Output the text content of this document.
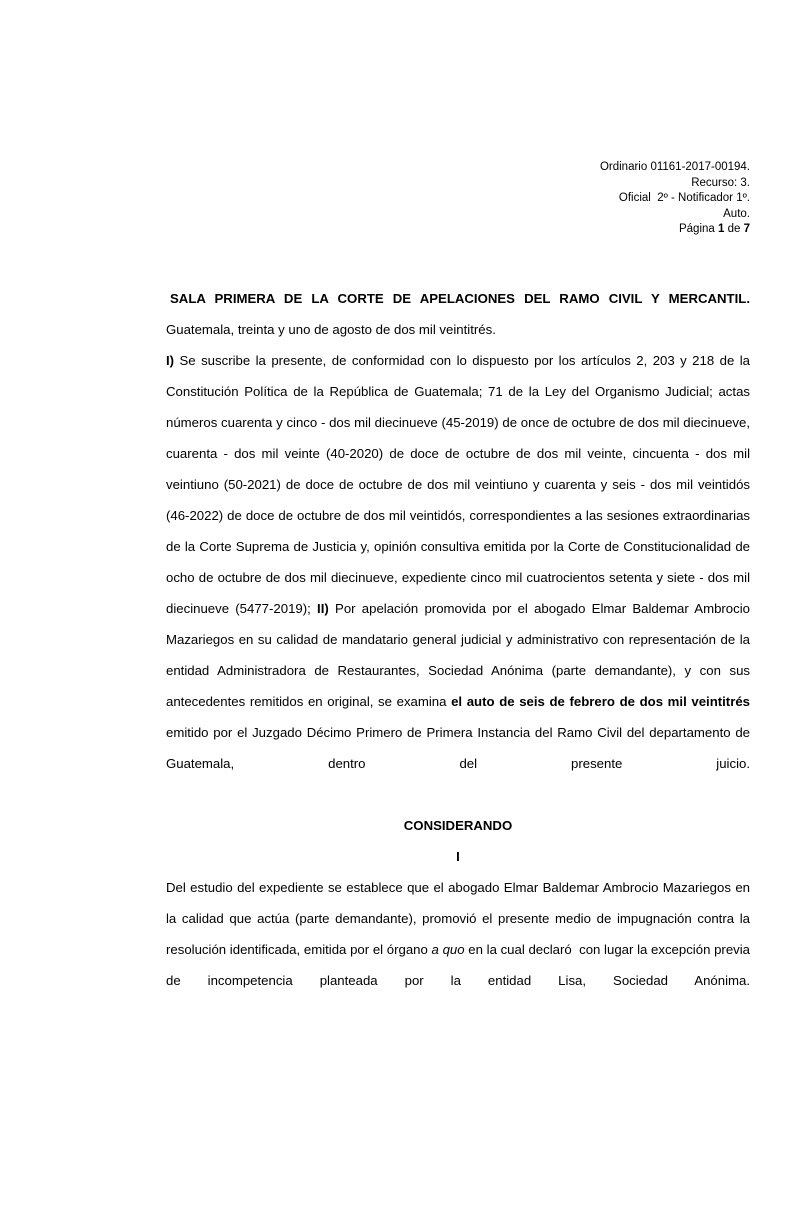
Ordinario 01161-2017-00194.
Recurso: 3.
Oficial  2º - Notificador 1º.
Auto.
Página 1 de 7

SALA PRIMERA DE LA CORTE DE APELACIONES DEL RAMO CIVIL Y MERCANTIL. Guatemala, treinta y uno de agosto de dos mil veintitrés.
I) Se suscribe la presente, de conformidad con lo dispuesto por los artículos 2, 203 y 218 de la Constitución Política de la República de Guatemala; 71 de la Ley del Organismo Judicial; actas números cuarenta y cinco - dos mil diecinueve (45-2019) de once de octubre de dos mil diecinueve, cuarenta - dos mil veinte (40-2020) de doce de octubre de dos mil veinte, cincuenta - dos mil veintiuno (50-2021) de doce de octubre de dos mil veintiuno y cuarenta y seis - dos mil veintidós (46-2022) de doce de octubre de dos mil veintidós, correspondientes a las sesiones extraordinarias de la Corte Suprema de Justicia y, opinión consultiva emitida por la Corte de Constitucionalidad de ocho de octubre de dos mil diecinueve, expediente cinco mil cuatrocientos setenta y siete - dos mil diecinueve (5477-2019); II) Por apelación promovida por el abogado Elmar Baldemar Ambrocio Mazariegos en su calidad de mandatario general judicial y administrativo con representación de la entidad Administradora de Restaurantes, Sociedad Anónima (parte demandante), y con sus antecedentes remitidos en original, se examina el auto de seis de febrero de dos mil veintitrés emitido por el Juzgado Décimo Primero de Primera Instancia del Ramo Civil del departamento de Guatemala, dentro del presente juicio.

CONSIDERANDO

I

Del estudio del expediente se establece que el abogado Elmar Baldemar Ambrocio Mazariegos en la calidad que actúa (parte demandante), promovió el presente medio de impugnación contra la resolución identificada, emitida por el órgano a quo en la cual declaró  con lugar la excepción previa de incompetencia planteada por la entidad Lisa, Sociedad Anónima.
